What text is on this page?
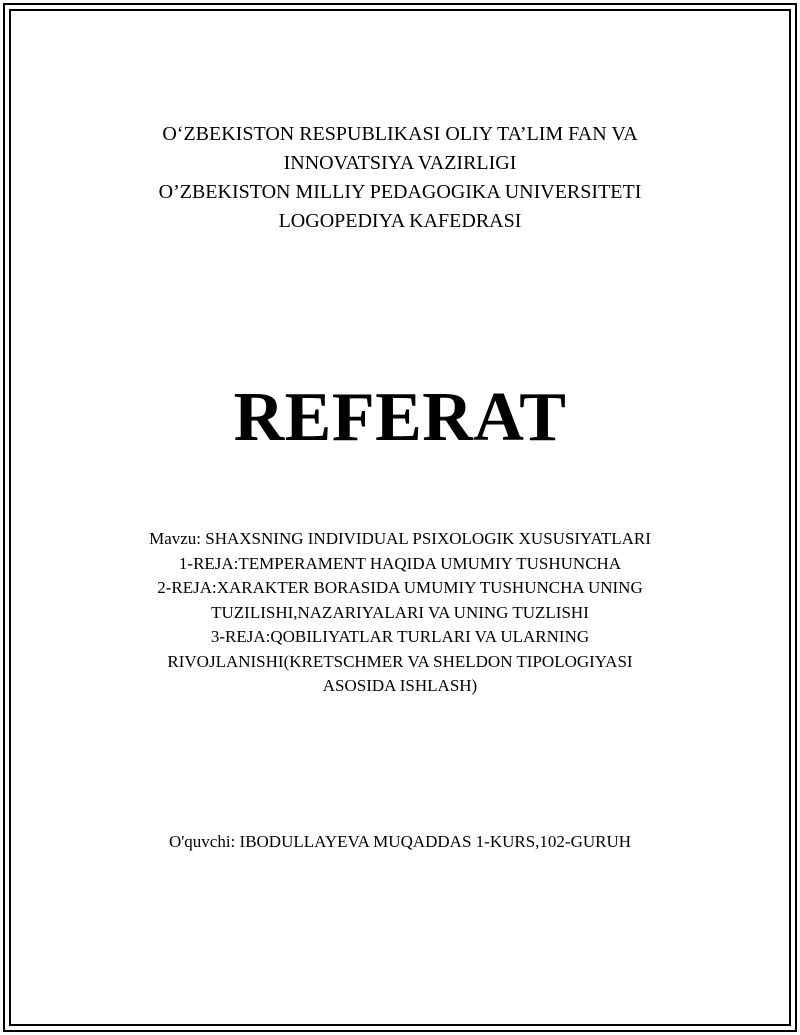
O‘ZBEKISTON RESPUBLIKASI OLIY TA’LIM FAN VA
INNOVATSIYA VAZIRLIGI
O’ZBEKISTON MILLIY PEDAGOGIKA UNIVERSITETI
LOGOPEDIYA KAFEDRASI
REFERAT
Mavzu: SHAXSNING INDIVIDUAL PSIXOLOGIK XUSUSIYATLARI
1-REJA:TEMPERAMENT HAQIDA UMUMIY TUSHUNCHA
2-REJA:XARAKTER BORASIDA UMUMIY TUSHUNCHA UNING
TUZILISHI,NAZARIYALARI VA UNING TUZLISHI
3-REJA:QOBILIYATLAR TURLARI VA ULARNING
RIVOJLANISHI(KRETSCHMER VA SHELDON TIPOLOGIYASI
ASOSIDA ISHLASH)
O'quvchi: IBODULLAYEVA MUQADDAS 1-KURS,102-GURUH
